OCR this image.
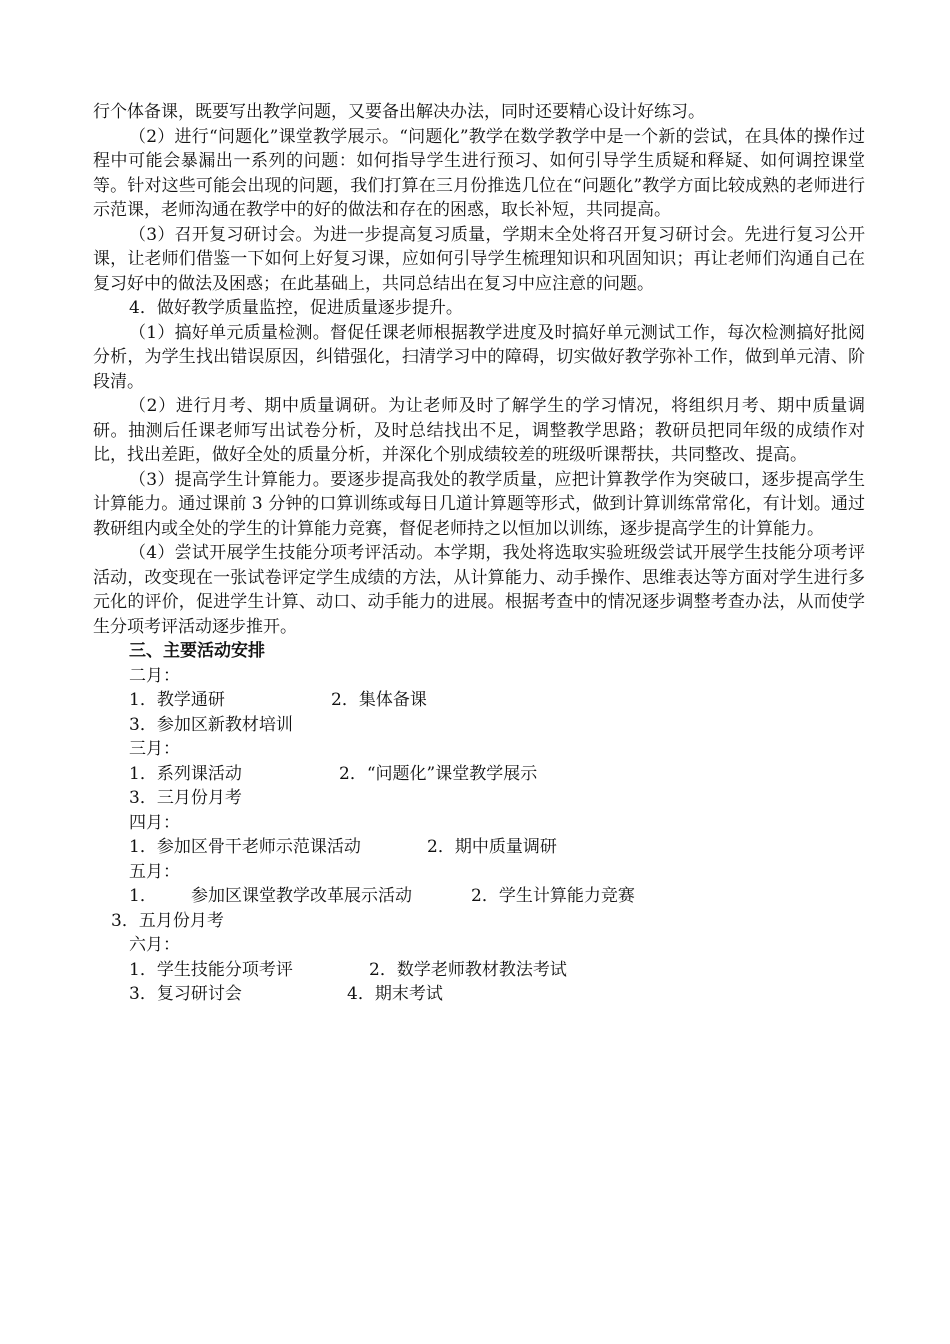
行个体备课，既要写出教学问题，又要备出解决办法，同时还要精心设计好练习。

（2）进行“问题化”课堂教学展示。“问题化”教学在数学教学中是一个新的尝试，在具体的操作过程中可能会暴漏出一系列的问题：如何指导学生进行预习、如何引导学生质疑和释疑、如何调控课堂等。针对这些可能会出现的问题，我们打算在三月份推选几位在“问题化”教学方面比较成熟的老师进行示范课，老师沟通在教学中的好的做法和存在的困惑，取长补短，共同提高。

（3）召开复习研讨会。为进一步提高复习质量，学期末全处将召开复习研讨会。先进行复习公开课，让老师们借鉴一下如何上好复习课，应如何引导学生梳理知识和巩固知识；再让老师们沟通自己在复习好中的做法及困惑；在此基础上，共同总结出在复习中应注意的问题。

4．做好教学质量监控，促进质量逐步提升。

（1）搞好单元质量检测。督促任课老师根据教学进度及时搞好单元测试工作，每次检测搞好批阅分析，为学生找出错误原因，纠错强化，扫清学习中的障碍，切实做好教学弥补工作，做到单元清、阶段清。

（2）进行月考、期中质量调研。为让老师及时了解学生的学习情况，将组织月考、期中质量调研。抽测后任课老师写出试卷分析，及时总结找出不足，调整教学思路；教研员把同年级的成绩作对比，找出差距，做好全处的质量分析，并深化个别成绩较差的班级听课帮扶，共同整改、提高。

（3）提高学生计算能力。要逐步提高我处的教学质量，应把计算教学作为突破口，逐步提高学生计算能力。通过课前 3 分钟的口算训练或每日几道计算题等形式，做到计算训练常常化，有计划。通过教研组内或全处的学生的计算能力竞赛，督促老师持之以恒加以训练，逐步提高学生的计算能力。

（4）尝试开展学生技能分项考评活动。本学期，我处将选取实验班级尝试开展学生技能分项考评活动，改变现在一张试卷评定学生成绩的方法，从计算能力、动手操作、思维表达等方面对学生进行多元化的评价，促进学生计算、动口、动手能力的进展。根据考查中的情况逐步调整考查办法，从而使学生分项考评活动逐步推开。

三、主要活动安排

二月：

1．教学通研	2．集体备课
3．参加区新教材培训

三月：

1．系列课活动	2．“问题化”课堂教学展示
3．三月份月考

四月：

1．参加区骨干老师示范课活动	2．期中质量调研

五月：

1．	参加区课堂教学改革展示活动	2．学生计算能力竞赛

3．五月份月考

六月：

1．学生技能分项考评	2．数学老师教材教法考试
3．复习研讨会	4．期末考试
